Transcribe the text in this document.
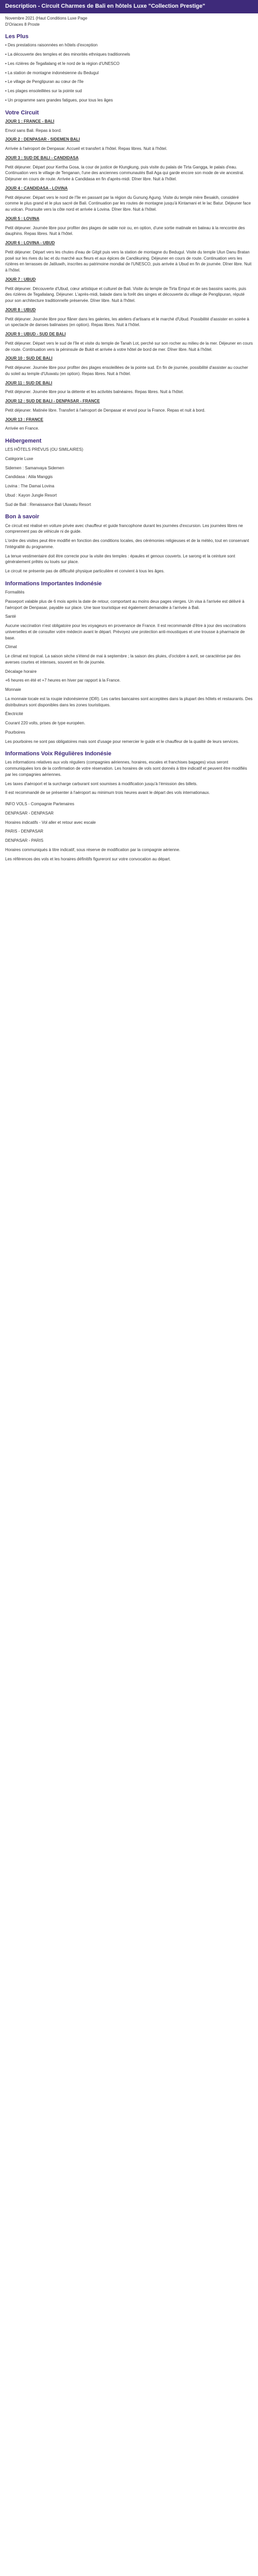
Description - Circuit Charmes de Bali en hôtels Luxe "Collection Prestige"
Novembre 2021 (Haut Conditions Luxe Page
D'Oriaces 8 Proste
Les Plus

• Des prestations raisonnées en hôtels d'exception

• La découverte des temples et des minorités ethniques traditionnels

• Les rizières de Tegallalang et le nord de la région d'UNESCO

• La station de montagne indonésienne du Bedugul

• Le village de Penglipuran au cœur de l'île

• Les plages ensoleillées sur la pointe sud

• Un programme sans grandes fatigues, pour tous les âges

Votre Circuit

JOUR 1 : FRANCE - BALI

Envol sans Bali. Repas à bord.

JOUR 2 : DENPASAR - SIDEMEN BALI

Arrivée à l'aéroport de Denpasar. Accueil et transfert à l'hôtel. Repas libres. Nuit à l'hôtel.

JOUR 3 : SUD DE BALI - CANDIDASA

Petit déjeuner. Départ pour Kertha Gosa, la cour de justice de Klungkung, puis visite du palais de Tirta Gangga, le palais d'eau. Continuation vers le village de Tenganan, l'une des anciennes communautés Bali Aga qui garde encore son mode de vie ancestral. Déjeuner en cours de route. Arrivée à Candidasa en fin d'après-midi. Dîner libre. Nuit à l'hôtel.

JOUR 4 : CANDIDASA - LOVINA

Petit déjeuner. Départ vers le nord de l'île en passant par la région du Gunung Agung. Visite du temple mère Besakih, considéré comme le plus grand et le plus sacré de Bali. Continuation par les routes de montagne jusqu'à Kintamani et le lac Batur. Déjeuner face au volcan. Poursuite vers la côte nord et arrivée à Lovina. Dîner libre. Nuit à l'hôtel.

JOUR 5 : LOVINA

Petit déjeuner. Journée libre pour profiter des plages de sable noir ou, en option, d'une sortie matinale en bateau à la rencontre des dauphins. Repas libres. Nuit à l'hôtel.

JOUR 6 : LOVINA - UBUD

Petit déjeuner. Départ vers les chutes d'eau de Gitgit puis vers la station de montagne du Bedugul. Visite du temple Ulun Danu Bratan posé sur les rives du lac et du marché aux fleurs et aux épices de Candikuning. Déjeuner en cours de route. Continuation vers les rizières en terrasses de Jatiluwih, inscrites au patrimoine mondial de l'UNESCO, puis arrivée à Ubud en fin de journée. Dîner libre. Nuit à l'hôtel.

JOUR 7 : UBUD

Petit déjeuner. Découverte d'Ubud, cœur artistique et culturel de Bali. Visite du temple de Tirta Empul et de ses bassins sacrés, puis des rizières de Tegallalang. Déjeuner. L'après-midi, balade dans la forêt des singes et découverte du village de Penglipuran, réputé pour son architecture traditionnelle préservée. Dîner libre. Nuit à l'hôtel.

JOUR 8 : UBUD

Petit déjeuner. Journée libre pour flâner dans les galeries, les ateliers d'artisans et le marché d'Ubud. Possibilité d'assister en soirée à un spectacle de danses balinaises (en option). Repas libres. Nuit à l'hôtel.

JOUR 9 : UBUD - SUD DE BALI

Petit déjeuner. Départ vers le sud de l'île et visite du temple de Tanah Lot, perché sur son rocher au milieu de la mer. Déjeuner en cours de route. Continuation vers la péninsule de Bukit et arrivée à votre hôtel de bord de mer. Dîner libre. Nuit à l'hôtel.

JOUR 10 : SUD DE BALI

Petit déjeuner. Journée libre pour profiter des plages ensoleillées de la pointe sud. En fin de journée, possibilité d'assister au coucher du soleil au temple d'Uluwatu (en option). Repas libres. Nuit à l'hôtel.

JOUR 11 : SUD DE BALI

Petit déjeuner. Journée libre pour la détente et les activités balnéaires. Repas libres. Nuit à l'hôtel.

JOUR 12 : SUD DE BALI - DENPASAR - FRANCE

Petit déjeuner. Matinée libre. Transfert à l'aéroport de Denpasar et envol pour la France. Repas et nuit à bord.

JOUR 13 : FRANCE

Arrivée en France.

Hébergement

LES HÔTELS PRÉVUS (OU SIMILAIRES)

Catégorie Luxe

Sidemen : Samanvaya Sidemen

Candidasa : Alila Manggis

Lovina : The Damai Lovina

Ubud : Kayon Jungle Resort

Sud de Bali : Renaissance Bali Uluwatu Resort

Bon à savoir

Ce circuit est réalisé en voiture privée avec chauffeur et guide francophone durant les journées d'excursion. Les journées libres ne comprennent pas de véhicule ni de guide.

L'ordre des visites peut être modifié en fonction des conditions locales, des cérémonies religieuses et de la météo, tout en conservant l'intégralité du programme.

La tenue vestimentaire doit être correcte pour la visite des temples : épaules et genoux couverts. Le sarong et la ceinture sont généralement prêtés ou loués sur place.

Le circuit ne présente pas de difficulté physique particulière et convient à tous les âges.

Informations Importantes Indonésie

Formalités

Passeport valable plus de 6 mois après la date de retour, comportant au moins deux pages vierges. Un visa à l'arrivée est délivré à l'aéroport de Denpasar, payable sur place. Une taxe touristique est également demandée à l'arrivée à Bali.

Santé

Aucune vaccination n'est obligatoire pour les voyageurs en provenance de France. Il est recommandé d'être à jour des vaccinations universelles et de consulter votre médecin avant le départ. Prévoyez une protection anti-moustiques et une trousse à pharmacie de base.

Climat

Le climat est tropical. La saison sèche s'étend de mai à septembre ; la saison des pluies, d'octobre à avril, se caractérise par des averses courtes et intenses, souvent en fin de journée.

Décalage horaire

+6 heures en été et +7 heures en hiver par rapport à la France.

Monnaie

La monnaie locale est la roupie indonésienne (IDR). Les cartes bancaires sont acceptées dans la plupart des hôtels et restaurants. Des distributeurs sont disponibles dans les zones touristiques.

Électricité

Courant 220 volts, prises de type européen.

Pourboires

Les pourboires ne sont pas obligatoires mais sont d'usage pour remercier le guide et le chauffeur de la qualité de leurs services.

Informations Voix Régulières Indonésie

Les informations relatives aux vols réguliers (compagnies aériennes, horaires, escales et franchises bagages) vous seront communiquées lors de la confirmation de votre réservation. Les horaires de vols sont donnés à titre indicatif et peuvent être modifiés par les compagnies aériennes.

Les taxes d'aéroport et la surcharge carburant sont soumises à modification jusqu'à l'émission des billets.

Il est recommandé de se présenter à l'aéroport au minimum trois heures avant le départ des vols internationaux.

INFO VOLS - Compagnie Partenaires

DENPASAR - DENPASAR

Horaires indicatifs - Vol aller et retour avec escale

PARIS - DENPASAR

DENPASAR - PARIS

Horaires communiqués à titre indicatif, sous réserve de modification par la compagnie aérienne.

Les références des vols et les horaires définitifs figureront sur votre convocation au départ.
